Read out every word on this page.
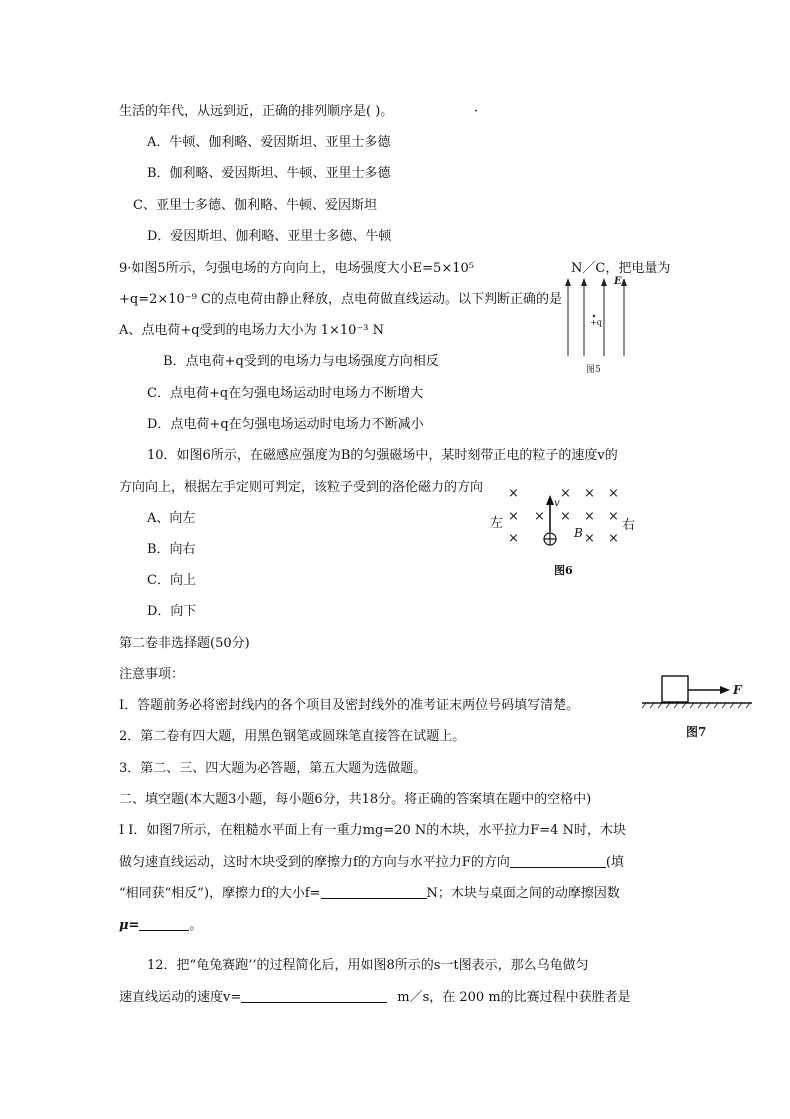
生活的年代，从远到近，正确的排列顺序是( )。	·
A．牛顿、伽利略、爱因斯坦、亚里士多德
B．伽利略、爱因斯坦、牛顿、亚里士多德
C、亚里士多德、伽利略、牛顿、爱因斯坦
D．爱因斯坦、伽利略、亚里士多德、牛顿
9·如图5所示，匀强电场的方向向上，电场强度大小E=5×10⁵	N／C，把电量为
+q=2×10⁻⁹ C的点电荷由静止释放，点电荷做直线运动。以下判断正确的是
A、点电荷+q受到的电场力大小为 1×10⁻³ N
B．点电荷+q受到的电场力与电场强度方向相反
C．点电荷+q在匀强电场运动时电场力不断增大
D．点电荷+q在匀强电场运动时电场力不断减小
E
+q
图5
10．如图6所示，在磁感应强度为B的匀强磁场中，某时刻带正电的粒子的速度v的
方向向上，根据左手定则可判定，该粒子受到的洛伦磁力的方向
A、向左
B．向右
C．向上
D．向下
×	× × ×
× × × × ×
×	× ×
v
B
左	右
图6
第二卷非选择题(50分)
注意事项：
I．答题前务必将密封线内的各个项目及密封线外的准考证末两位号码填写清楚。
2．第二卷有四大题，用黑色钢笔或圆珠笔直接答在试题上。
3．第二、三、四大题为必答题，第五大题为选做题。
F
图7
二、填空题(本大题3小题，每小题6分，共18分。将正确的答案填在题中的空格中)
I I．如图7所示，在粗糙水平面上有一重力mg=20 N的木块，水平拉力F=4 N时，木块
做匀速直线运动，这时木块受到的摩擦力f的方向与水平拉力F的方向	(填
“相同获“相反”)，摩擦力f的大小f=	N；木块与桌面之间的动摩擦因数
μ=	。
12．把“龟兔赛跑’’的过程简化后，用如图8所示的s一t图表示，那么乌龟做匀
速直线运动的速度v=	m／s，在 200 m的比赛过程中获胜者是
